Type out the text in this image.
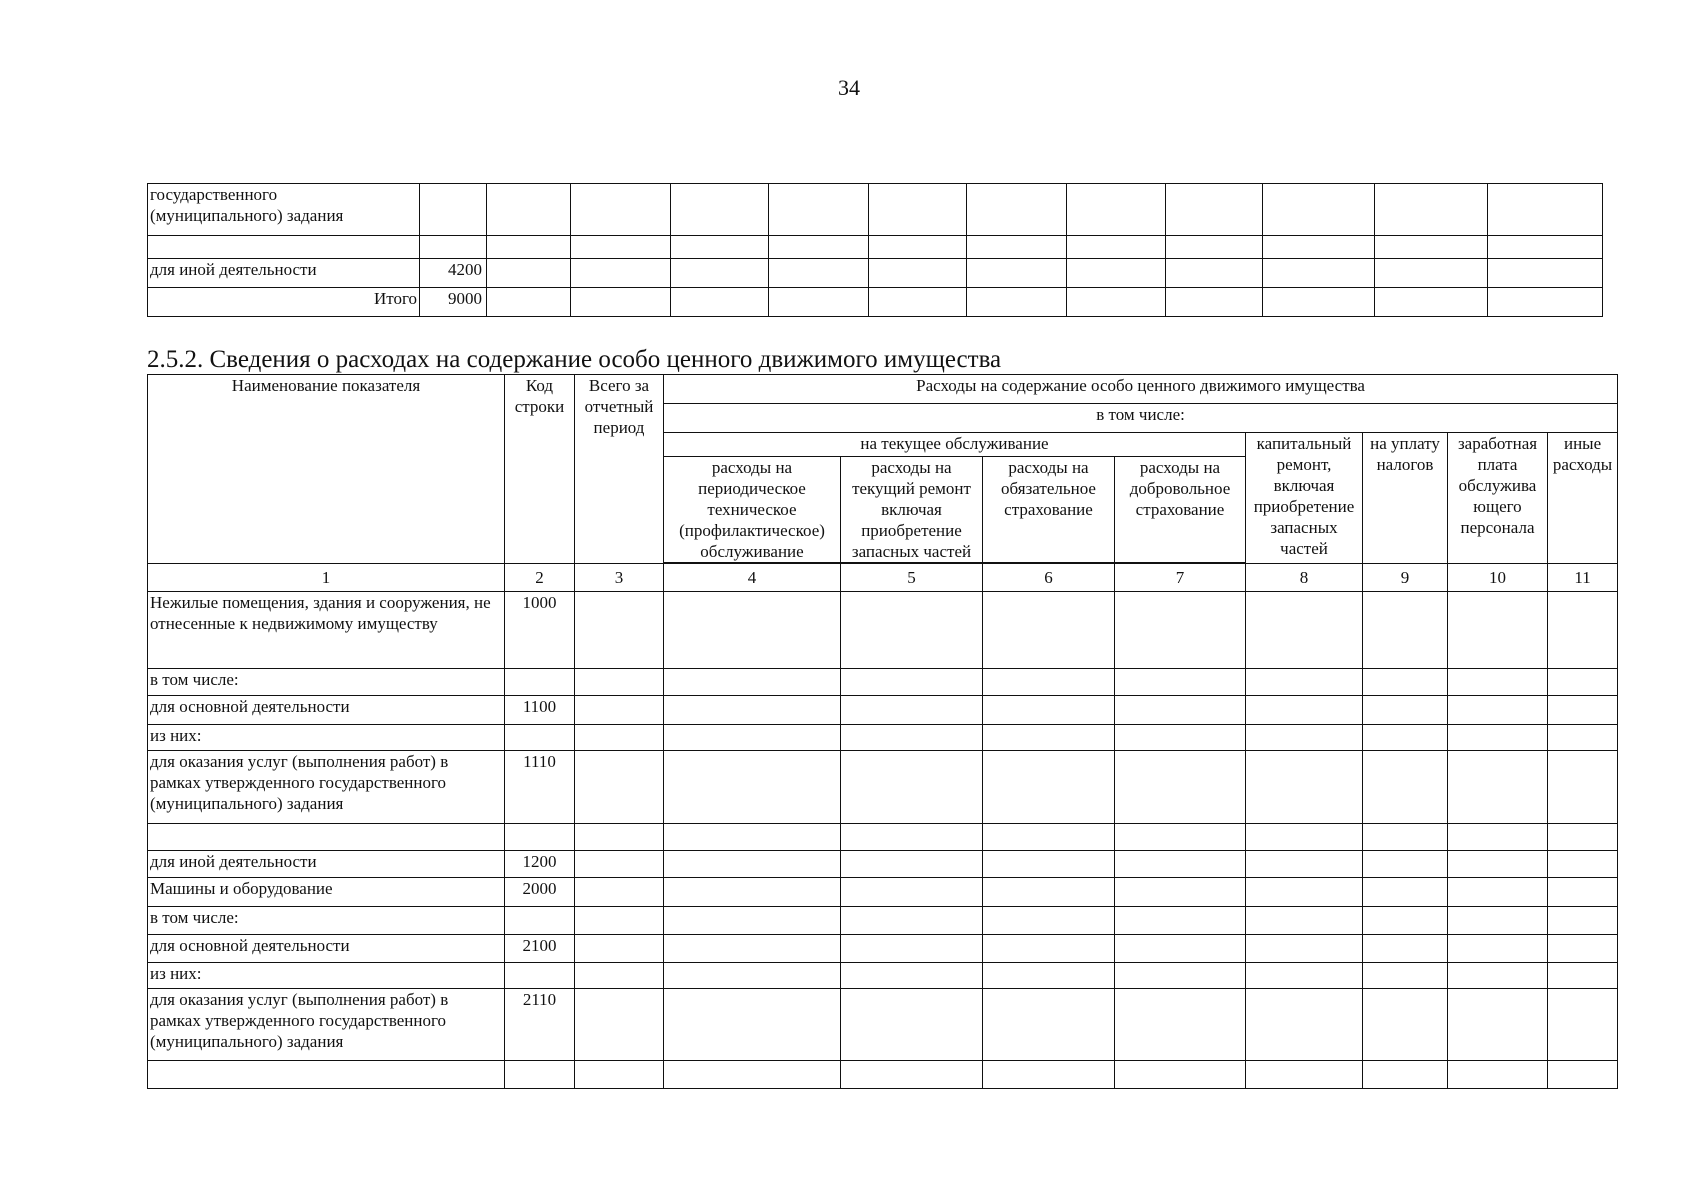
34
государственного
(муниципального) задания												

для иной деятельности	4200											
Итого	9000											
2.5.2. Сведения о расходах на содержание особо ценного движимого имущества
Наименование показателя	Код строки	Всего за отчетный период	Расходы на содержание особо ценного движимого имущества							
			в том числе:							
			на текущее обслуживание				капитальный ремонт, включая приобретение запасных частей	на уплату налогов	заработная плата обслужива ющего персонала	иные расходы
			расходы на периодическое техническое (профилактическое) обслуживание	расходы на текущий ремонт включая приобретение запасных частей	расходы на обязательное страхование	расходы на добровольное страхование				

1	2	3	4	5	6	7	8	9	10	11
Нежилые помещения, здания и сооружения, не отнесенные к недвижимому имуществу	1000									
в том числе:										
для основной деятельности	1100									
из них:										
для оказания услуг (выполнения работ) в рамках утвержденного государственного (муниципального) задания	1110									

для иной деятельности	1200									
Машины и оборудование	2000									
в том числе:										
для основной деятельности	2100									
из них:										
для оказания услуг (выполнения работ) в рамках утвержденного государственного (муниципального) задания	2110									
